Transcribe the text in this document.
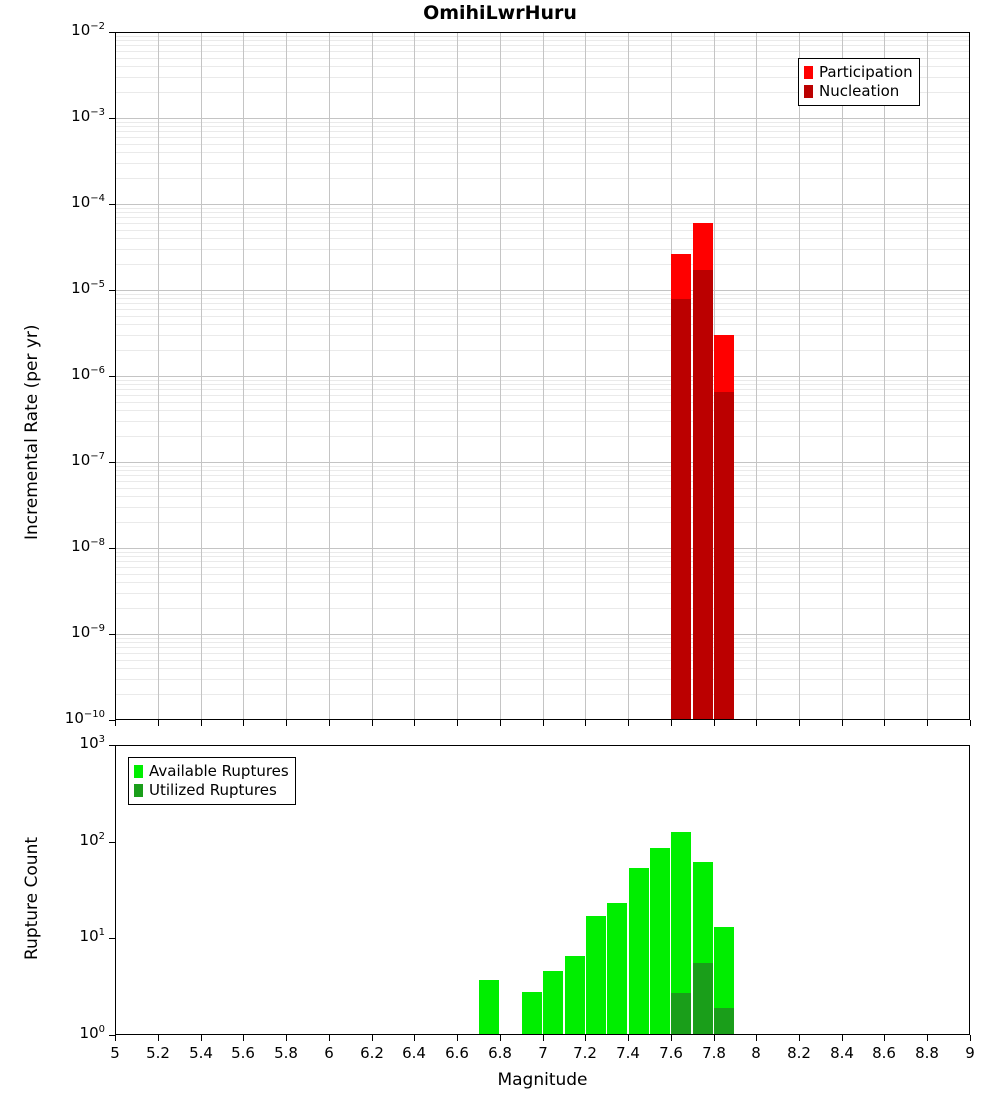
OmihiLwrHuru
Incremental Rate (per yr)
$10^{-2}$
$10^{-3}$
$10^{-4}$
$10^{-5}$
$10^{-6}$
$10^{-7}$
$10^{-8}$
$10^{-9}$
$10^{-10}$
Participation
Nucleation
Rupture Count
$10^3$
$10^2$
$10^1$
$10^0$
5 5.2 5.4 5.6 5.8 6 6.2 6.4 6.6 6.8 7 7.2 7.4 7.6 7.8 8 8.2 8.4 8.6 8.8 9
Available Ruptures
Utilized Ruptures
Magnitude
